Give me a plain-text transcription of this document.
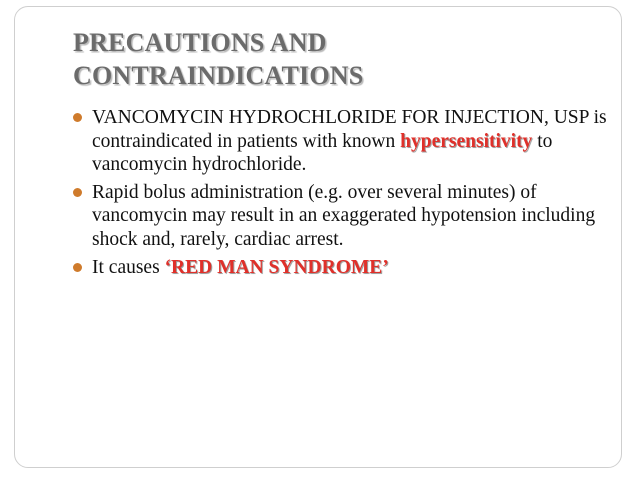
PRECAUTIONS AND
CONTRAINDICATIONS
VANCOMYCIN HYDROCHLORIDE FOR INJECTION, USP is contraindicated in patients with known hypersensitivity to vancomycin hydrochloride.
Rapid bolus administration (e.g. over several minutes) of vancomycin may result in an exaggerated hypotension including shock and, rarely, cardiac arrest.
It causes ‘RED MAN SYNDROME’
